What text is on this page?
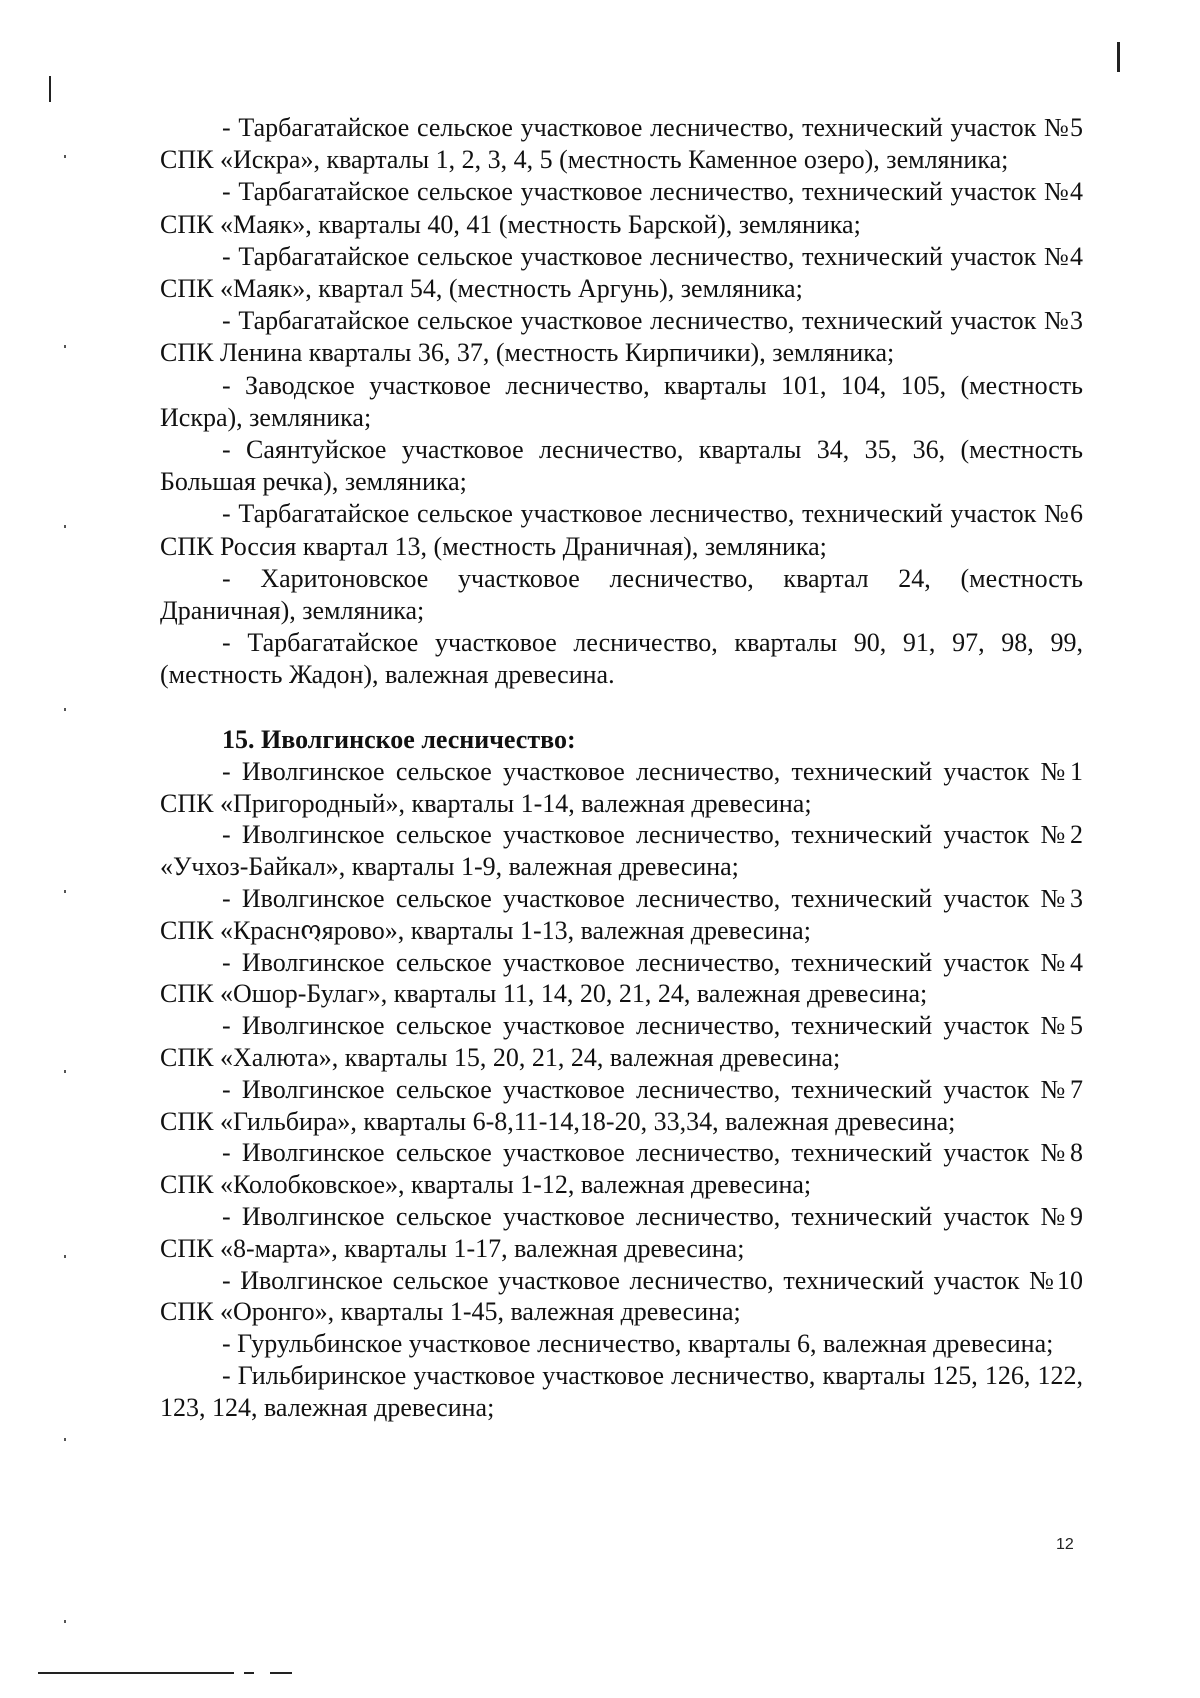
- Тарбагатайское сельское участковое лесничество, технический участок №5 СПК «Искра», кварталы 1, 2, 3, 4, 5 (местность Каменное озеро), земляника;

- Тарбагатайское сельское участковое лесничество, технический участок №4 СПК «Маяк», кварталы 40, 41 (местность Барской), земляника;

- Тарбагатайское сельское участковое лесничество, технический участок №4 СПК «Маяк», квартал 54, (местность Аргунь), земляника;

- Тарбагатайское сельское участковое лесничество, технический участок №3 СПК Ленина кварталы 36, 37, (местность Кирпичики), земляника;

- Заводское участковое лесничество, кварталы 101, 104, 105, (местность Искра), земляника;

- Саянтуйское участковое лесничество, кварталы 34, 35, 36, (местность Большая речка), земляника;

- Тарбагатайское сельское участковое лесничество, технический участок №6 СПК Россия квартал 13, (местность Драничная), земляника;

- Харитоновское участковое лесничество, квартал 24, (местность Драничная), земляника;

- Тарбагатайское участковое лесничество, кварталы 90, 91, 97, 98, 99, (местность Жадон), валежная древесина.

15. Иволгинское лесничество:

- Иволгинское сельское участковое лесничество, технический участок №1 СПК «Пригородный», кварталы 1-14, валежная древесина;

- Иволгинское сельское участковое лесничество, технический участок №2 «Учхоз-Байкал», кварталы 1-9, валежная древесина;

- Иволгинское сельское участковое лесничество, технический участок №3 СПК «Краснოярово», кварталы 1-13, валежная древесина;

- Иволгинское сельское участковое лесничество, технический участок №4 СПК «Ошор-Булаг», кварталы 11, 14, 20, 21, 24, валежная древесина;

- Иволгинское сельское участковое лесничество, технический участок №5 СПК «Халюта», кварталы 15, 20, 21, 24, валежная древесина;

- Иволгинское сельское участковое лесничество, технический участок №7 СПК «Гильбира», кварталы 6-8,11-14,18-20, 33,34, валежная древесина;

- Иволгинское сельское участковое лесничество, технический участок №8 СПК «Колобковское», кварталы 1-12, валежная древесина;

- Иволгинское сельское участковое лесничество, технический участок №9 СПК «8-марта», кварталы 1-17, валежная древесина;

- Иволгинское сельское участковое лесничество, технический участок №10 СПК «Оронго», кварталы 1-45, валежная древесина;

- Гурульбинское участковое лесничество, кварталы 6, валежная древесина;

- Гильбиринское участковое участковое лесничество, кварталы 125, 126, 122, 123, 124, валежная древесина;

12
